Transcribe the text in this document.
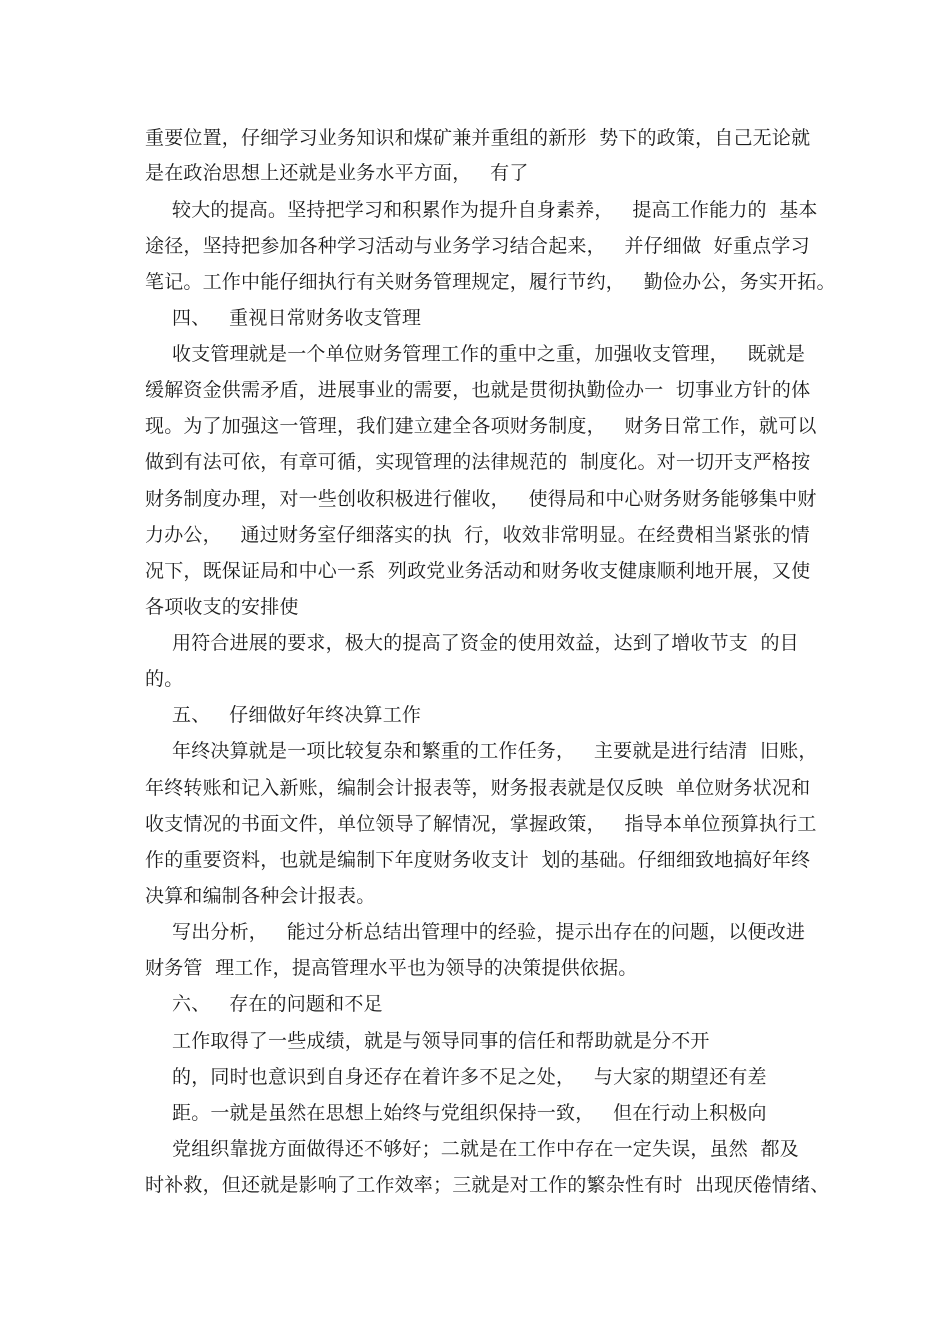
重要位置，仔细学习业务知识和煤矿兼并重组的新形  势下的政策，自己无论就
是在政治思想上还就是业务水平方面，   有了
较大的提高。坚持把学习和积累作为提升自身素养，   提高工作能力的  基本
途径，坚持把参加各种学习活动与业务学习结合起来，   并仔细做  好重点学习
笔记。工作中能仔细执行有关财务管理规定，履行节约，   勤俭办公，务实开拓。
四、   重视日常财务收支管理
收支管理就是一个单位财务管理工作的重中之重，加强收支管理，   既就是
缓解资金供需矛盾，进展事业的需要，也就是贯彻执勤俭办一  切事业方针的体
现。为了加强这一管理，我们建立建全各项财务制度，   财务日常工作，就可以
做到有法可依，有章可循，实现管理的法律规范的  制度化。对一切开支严格按
财务制度办理，对一些创收积极进行催收，   使得局和中心财务财务能够集中财
力办公，   通过财务室仔细落实的执  行，收效非常明显。在经费相当紧张的情
况下，既保证局和中心一系  列政党业务活动和财务收支健康顺利地开展，又使
各项收支的安排使
用符合进展的要求，极大的提高了资金的使用效益，达到了增收节支  的目
的。
五、   仔细做好年终决算工作
年终决算就是一项比较复杂和繁重的工作任务，   主要就是进行结清  旧账，
年终转账和记入新账，编制会计报表等，财务报表就是仅反映  单位财务状况和
收支情况的书面文件，单位领导了解情况，掌握政策，   指导本单位预算执行工
作的重要资料，也就是编制下年度财务收支计  划的基础。仔细细致地搞好年终
决算和编制各种会计报表。
写出分析，   能过分析总结出管理中的经验，提示出存在的问题，以便改进
财务管  理工作，提高管理水平也为领导的决策提供依据。
六、   存在的问题和不足
工作取得了一些成绩，就是与领导同事的信任和帮助就是分不开
的，同时也意识到自身还存在着许多不足之处，   与大家的期望还有差
距。一就是虽然在思想上始终与党组织保持一致，   但在行动上积极向
党组织靠拢方面做得还不够好；二就是在工作中存在一定失误，虽然  都及
时补救，但还就是影响了工作效率；三就是对工作的繁杂性有时  出现厌倦情绪、
